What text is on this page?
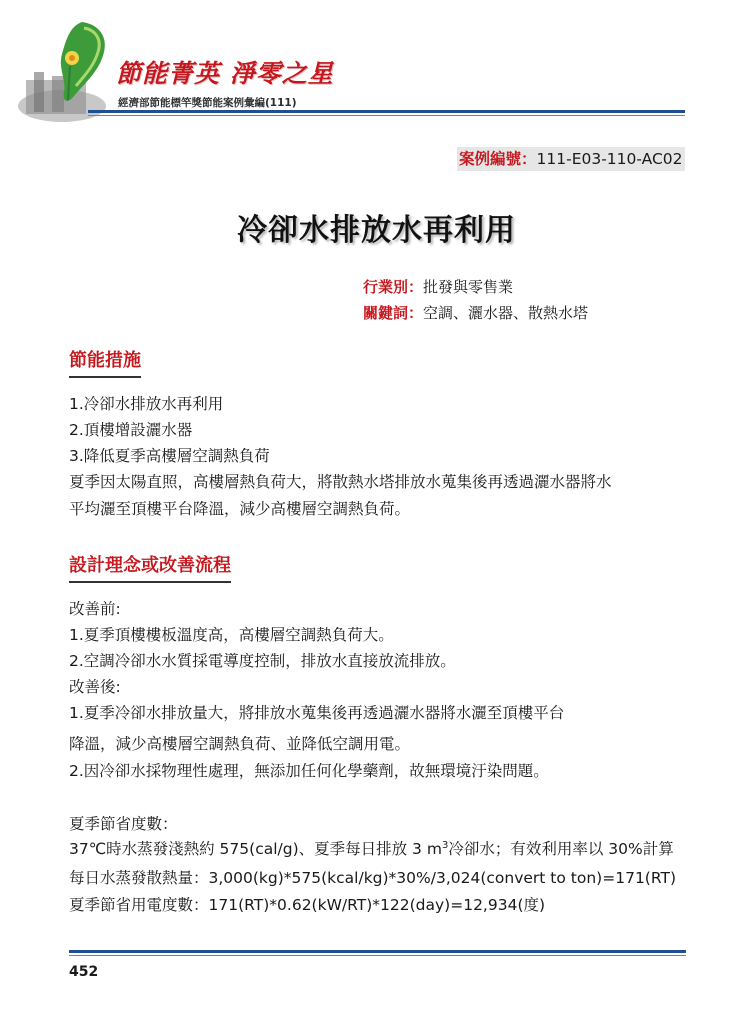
節能菁英 淨零之星
經濟部節能標竿獎節能案例彙編(111)
案例編號：111-E03-110-AC02
冷卻水排放水再利用
行業別：批發與零售業
關鍵詞：空調、灑水器、散熱水塔
節能措施
1.冷卻水排放水再利用
2.頂樓增設灑水器
3.降低夏季高樓層空調熱負荷
夏季因太陽直照，高樓層熱負荷大，將散熱水塔排放水蒐集後再透過灑水器將水
平均灑至頂樓平台降溫，減少高樓層空調熱負荷。
設計理念或改善流程
改善前:
1.夏季頂樓樓板溫度高，高樓層空調熱負荷大。
2.空調冷卻水水質採電導度控制，排放水直接放流排放。
改善後:
1.夏季冷卻水排放量大，將排放水蒐集後再透過灑水器將水灑至頂樓平台
降溫，減少高樓層空調熱負荷、並降低空調用電。
2.因冷卻水採物理性處理，無添加任何化學藥劑，故無環境汙染問題。
夏季節省度數：
37℃時水蒸發淺熱約 575(cal/g)、夏季每日排放 3 $m^3$冷卻水；有效利用率以 30%計算
每日水蒸發散熱量：3,000(kg)*575(kcal/kg)*30%/3,024(convert to ton)=171(RT)
夏季節省用電度數：171(RT)*0.62(kW/RT)*122(day)=12,934(度)
452
